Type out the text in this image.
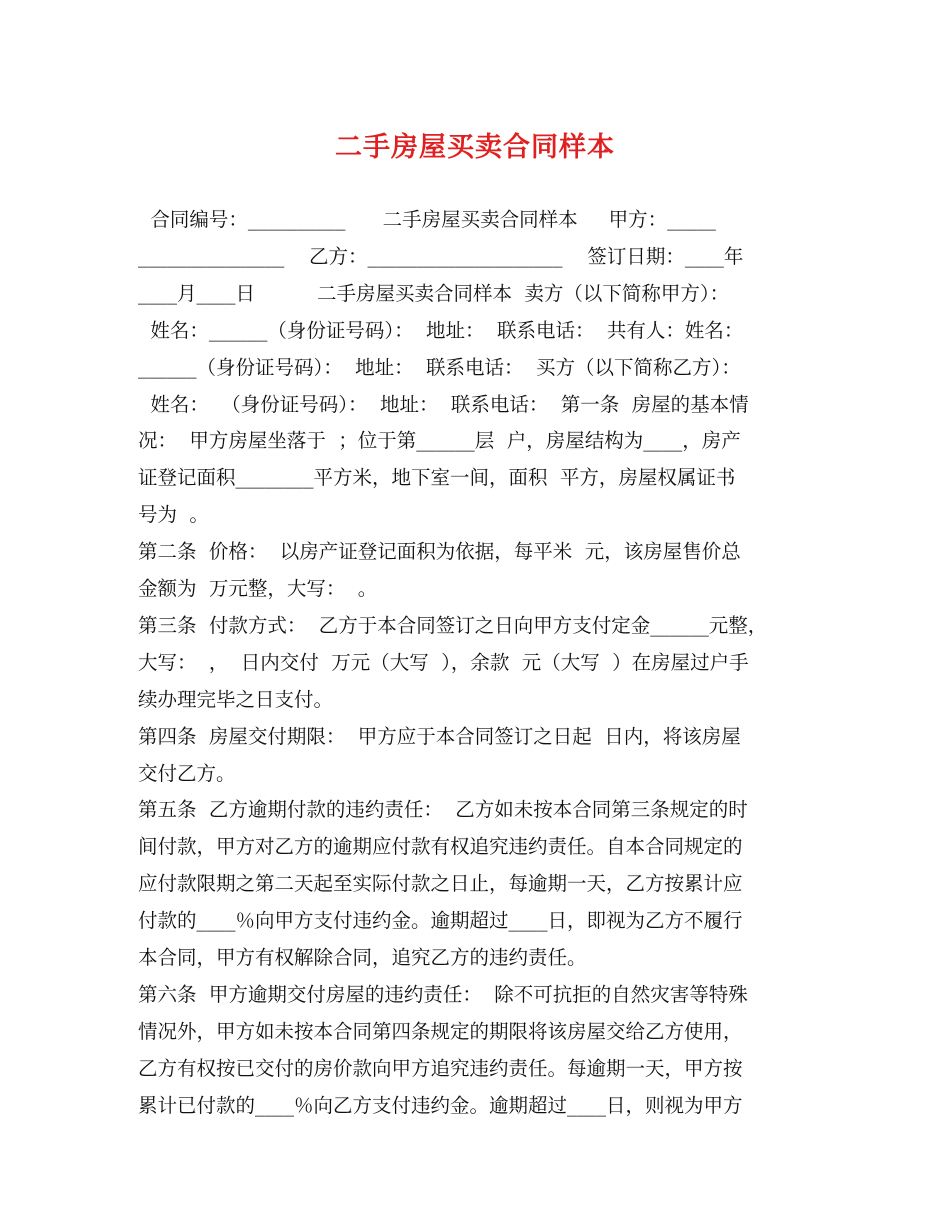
二手房屋买卖合同样本
合同编号：__________      二手房屋买卖合同样本     甲方：_____
_______________    乙方：____________________    签订日期：____年
____月____日          二手房屋买卖合同样本  卖方（以下简称甲方）：
姓名：______（身份证号码）：  地址：  联系电话：  共有人：姓名：
______（身份证号码）：  地址：  联系电话：  买方（以下简称乙方）：
姓名：  （身份证号码）：  地址：  联系电话：  第一条  房屋的基本情
况：  甲方房屋坐落于  ；位于第______层  户，房屋结构为____，房产
证登记面积________平方米，地下室一间，面积  平方，房屋权属证书
号为  。
第二条  价格：  以房产证登记面积为依据，每平米  元，该房屋售价总
金额为  万元整，大写：  。
第三条  付款方式：  乙方于本合同签订之日向甲方支付定金______元整，
大写：  ，  日内交付  万元（大写  ），余款  元（大写  ）在房屋过户手
续办理完毕之日支付。
第四条  房屋交付期限：  甲方应于本合同签订之日起  日内，将该房屋
交付乙方。
第五条  乙方逾期付款的违约责任：  乙方如未按本合同第三条规定的时
间付款，甲方对乙方的逾期应付款有权追究违约责任。自本合同规定的
应付款限期之第二天起至实际付款之日止，每逾期一天，乙方按累计应
付款的____％向甲方支付违约金。逾期超过____日，即视为乙方不履行
本合同，甲方有权解除合同，追究乙方的违约责任。
第六条  甲方逾期交付房屋的违约责任：  除不可抗拒的自然灾害等特殊
情况外，甲方如未按本合同第四条规定的期限将该房屋交给乙方使用，
乙方有权按已交付的房价款向甲方追究违约责任。每逾期一天，甲方按
累计已付款的____％向乙方支付违约金。逾期超过____日，则视为甲方
